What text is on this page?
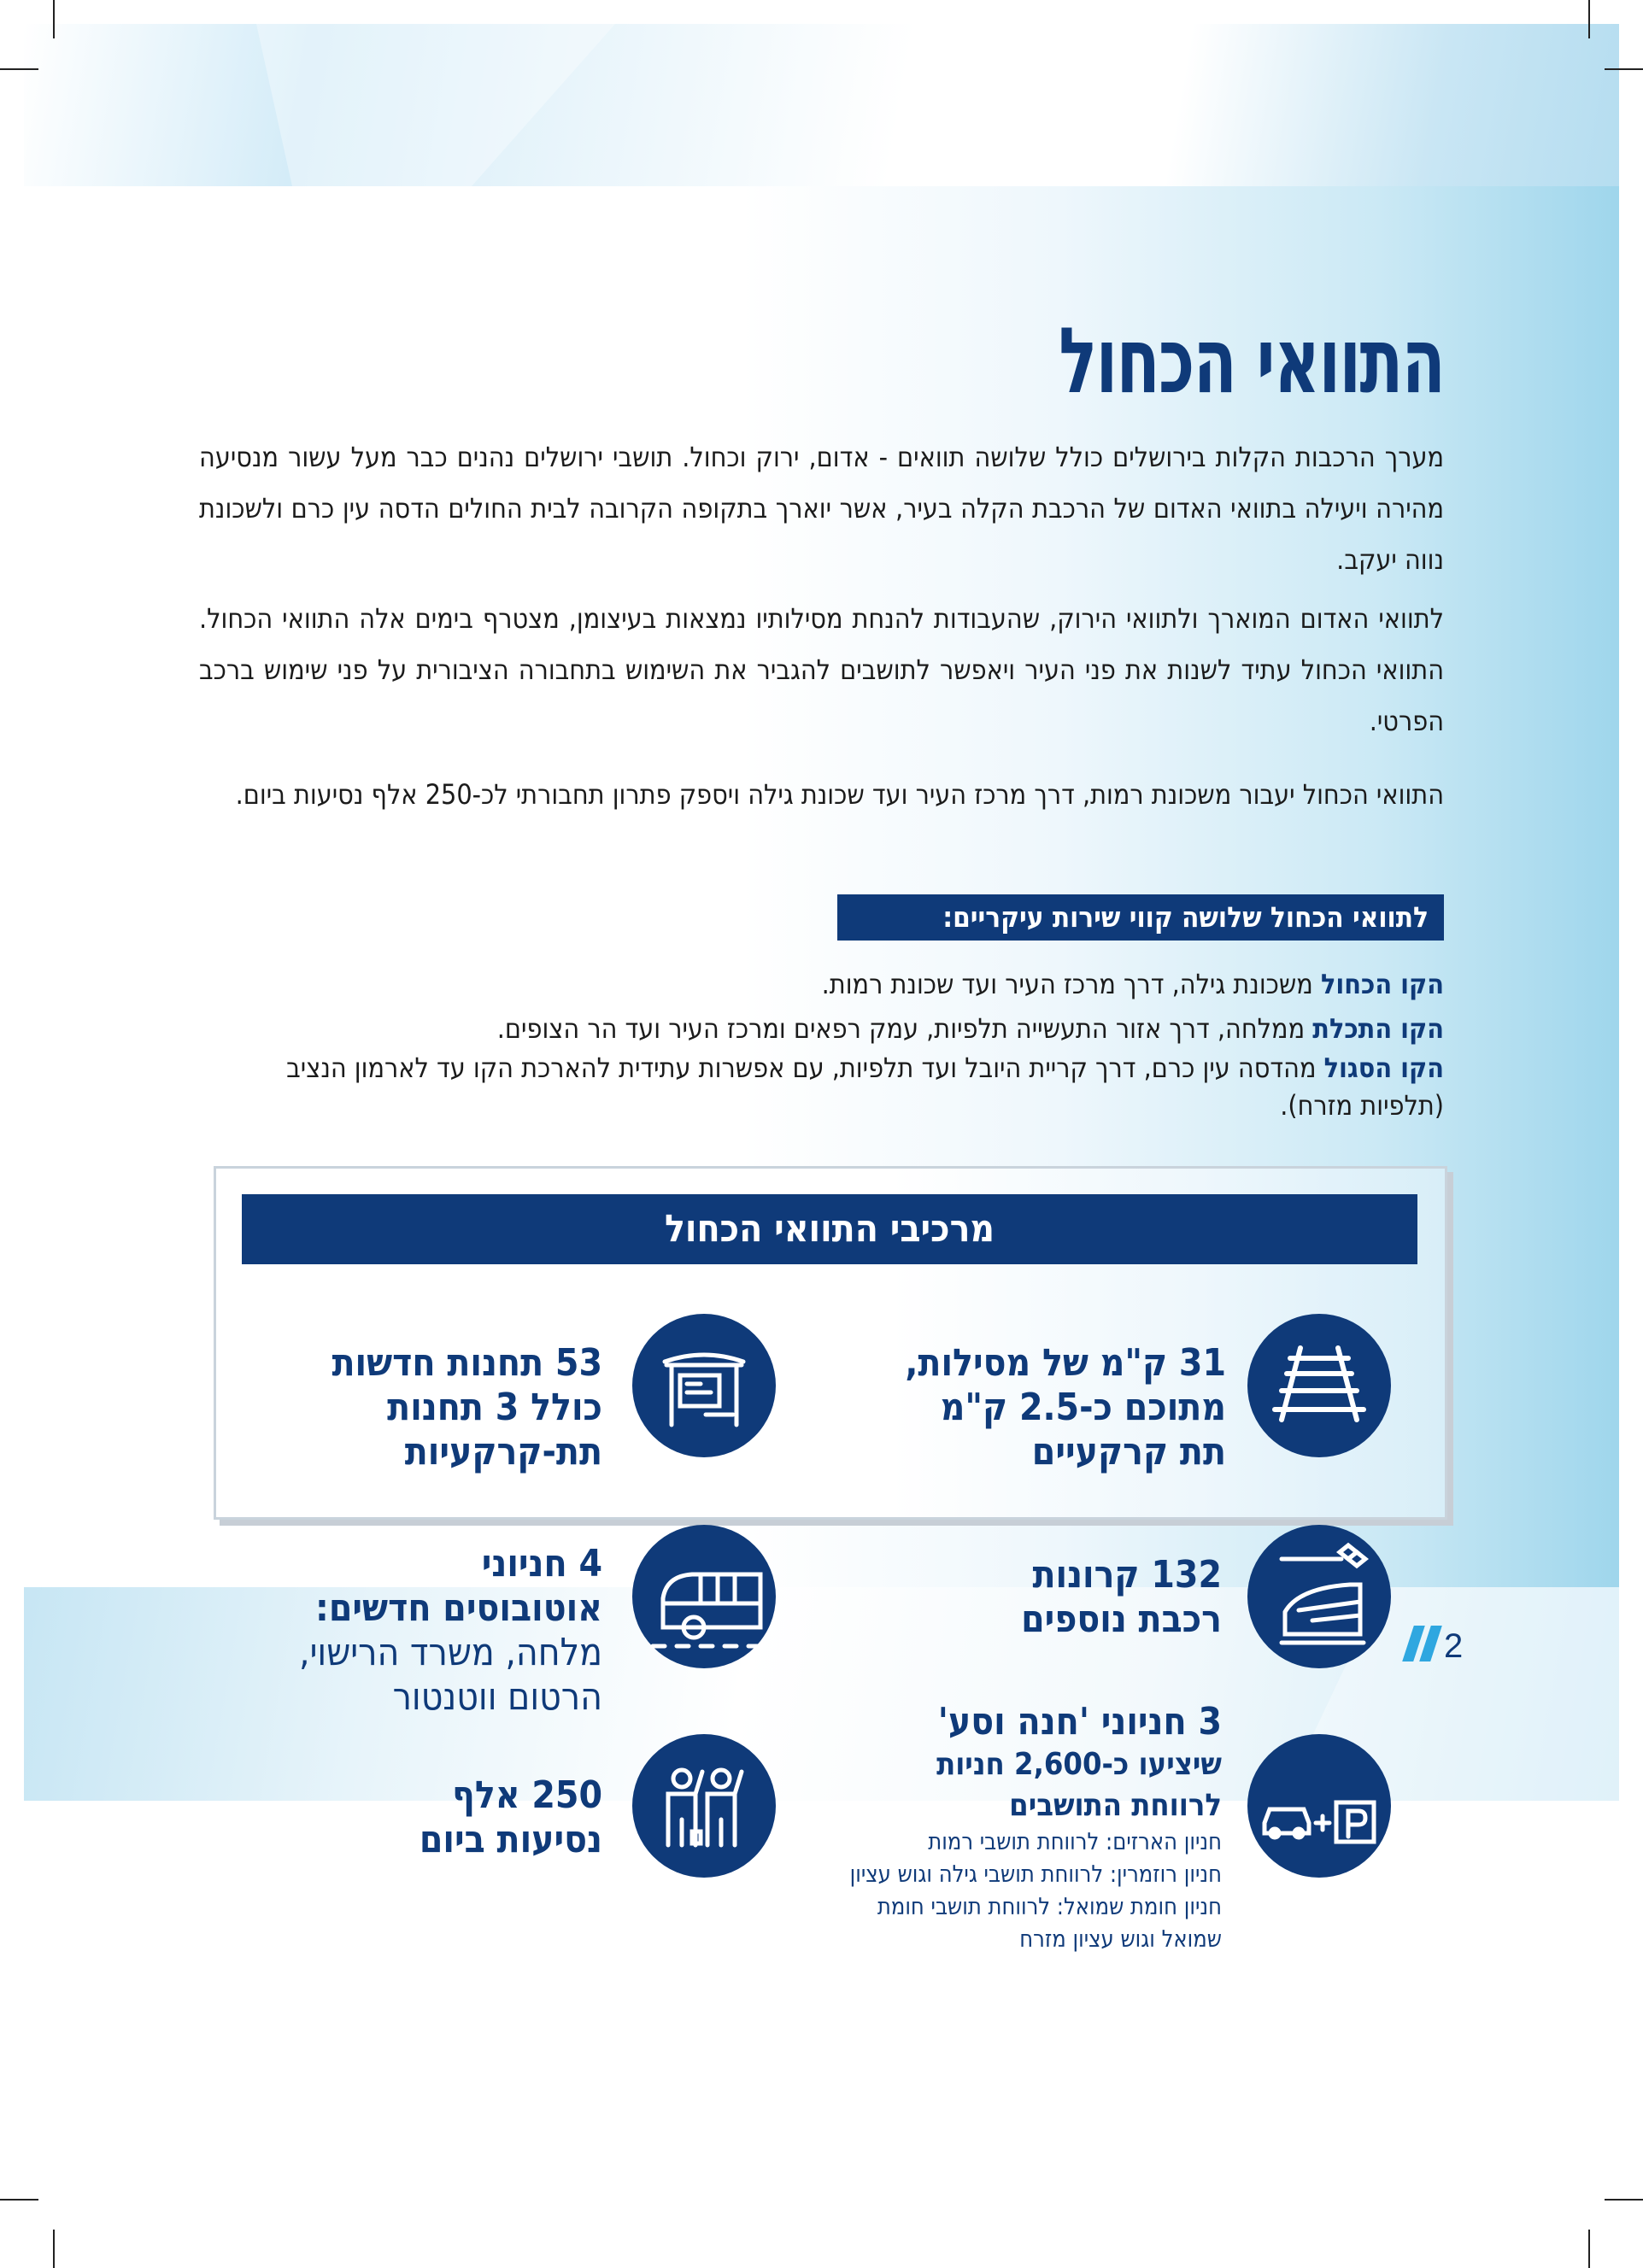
התוואי הכחול

מערך הרכבות הקלות בירושלים כולל שלושה תוואים - אדום, ירוק וכחול. תושבי ירושלים נהנים כבר מעל עשור מנסיעה מהירה ויעילה בתוואי האדום של הרכבת הקלה בעיר, אשר יוארך בתקופה הקרובה לבית החולים הדסה עין כרם ולשכונת נווה יעקב.

לתוואי האדום המוארך ולתוואי הירוק, שהעבודות להנחת מסילותיו נמצאות בעיצומן, מצטרף בימים אלה התוואי הכחול. התוואי הכחול עתיד לשנות את פני העיר ויאפשר לתושבים להגביר את השימוש בתחבורה הציבורית על פני שימוש ברכב הפרטי.

התוואי הכחול יעבור משכונת רמות, דרך מרכז העיר ועד שכונת גילה ויספק פתרון תחבורתי לכ-250 אלף נסיעות ביום.

לתוואי הכחול שלושה קווי שירות עיקריים:

הקו הכחול משכונת גילה, דרך מרכז העיר ועד שכונת רמות.

הקו התכלת ממלחה, דרך אזור התעשייה תלפיות, עמק רפאים ומרכז העיר ועד הר הצופים.

הקו הסגול מהדסה עין כרם, דרך קריית היובל ועד תלפיות, עם אפשרות עתידית להארכת הקו עד לארמון הנציב (תלפיות מזרח).

מרכיבי התוואי הכחול
31 ק"מ של מסילות,
מתוכם כ-2.5 ק"מ
תת קרקעיים
53 תחנות חדשות
כולל 3 תחנות
תת-קרקעיות
132 קרונות
רכבת נוספים
4 חניוני
אוטובוסים חדשים:
מלחה, משרד הרישוי,
הרטום ווטנטור
3 חניוני 'חנה וסע'
שיציעו כ-2,600 חניות
לרווחת התושבים
חניון הארזים: לרווחת תושבי רמות
חניון רוזמרין: לרווחת תושבי גילה וגוש עציון
חניון חומת שמואל: לרווחת תושבי חומת
שמואל וגוש עציון מזרח
250 אלף
נסיעות ביום
2
